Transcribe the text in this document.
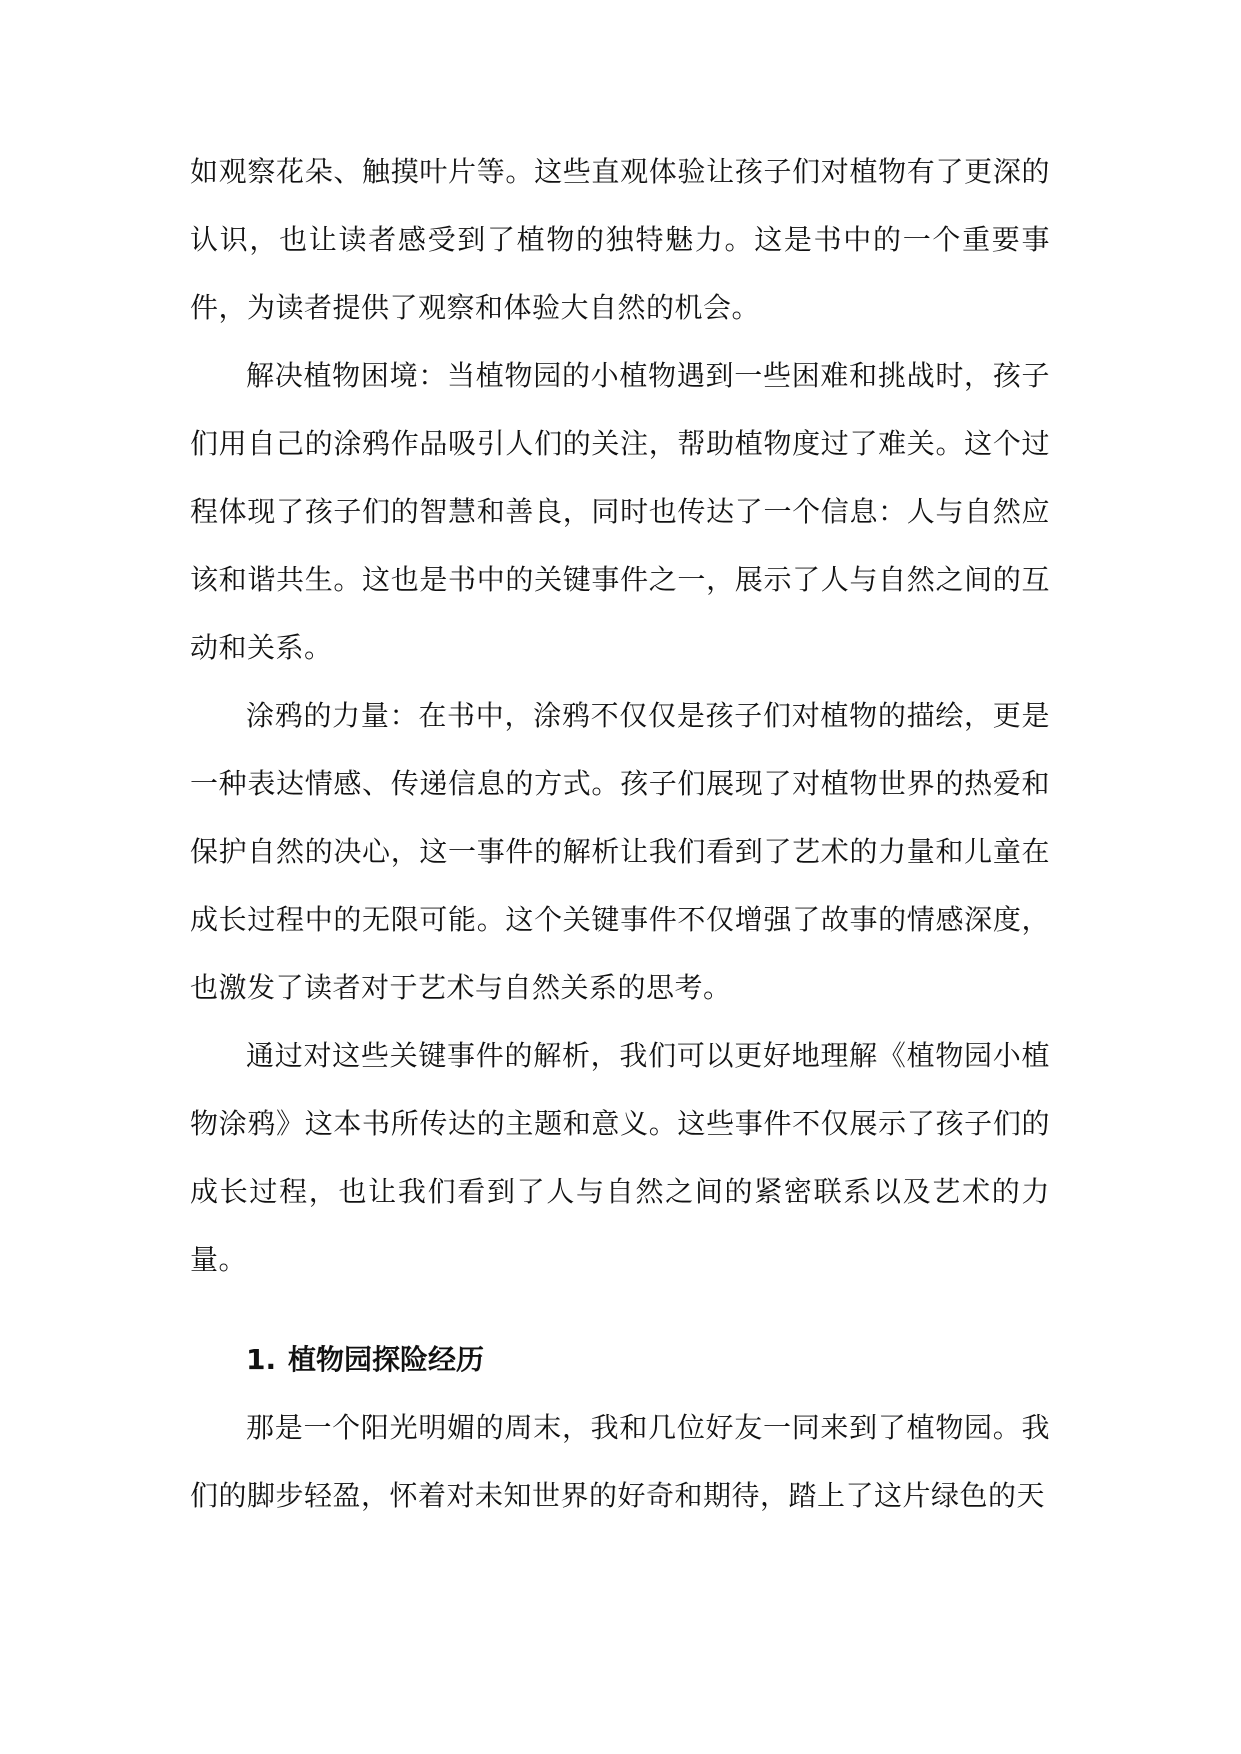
如观察花朵、触摸叶片等。这些直观体验让孩子们对植物有了更深的认识，也让读者感受到了植物的独特魅力。这是书中的一个重要事件，为读者提供了观察和体验大自然的机会。

解决植物困境：当植物园的小植物遇到一些困难和挑战时，孩子们用自己的涂鸦作品吸引人们的关注，帮助植物度过了难关。这个过程体现了孩子们的智慧和善良，同时也传达了一个信息：人与自然应该和谐共生。这也是书中的关键事件之一，展示了人与自然之间的互动和关系。

涂鸦的力量：在书中，涂鸦不仅仅是孩子们对植物的描绘，更是一种表达情感、传递信息的方式。孩子们展现了对植物世界的热爱和保护自然的决心，这一事件的解析让我们看到了艺术的力量和儿童在成长过程中的无限可能。这个关键事件不仅增强了故事的情感深度，也激发了读者对于艺术与自然关系的思考。

通过对这些关键事件的解析，我们可以更好地理解《植物园小植物涂鸦》这本书所传达的主题和意义。这些事件不仅展示了孩子们的成长过程，也让我们看到了人与自然之间的紧密联系以及艺术的力量。

1. 植物园探险经历

那是一个阳光明媚的周末，我和几位好友一同来到了植物园。我们的脚步轻盈，怀着对未知世界的好奇和期待，踏上了这片绿色的天
